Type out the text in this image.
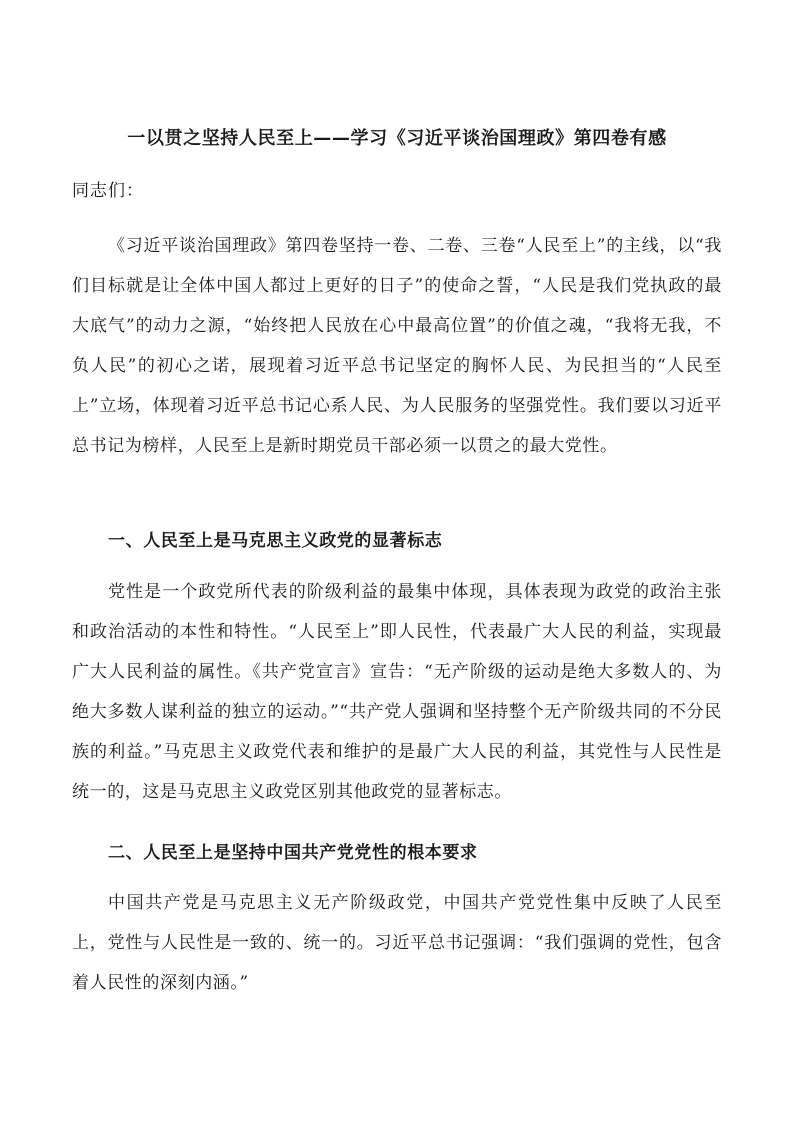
一以贯之坚持人民至上——学习《习近平谈治国理政》第四卷有感
同志们：

《习近平谈治国理政》第四卷坚持一卷、二卷、三卷“人民至上”的主线，以“我们目标就是让全体中国人都过上更好的日子”的使命之誓，“人民是我们党执政的最大底气”的动力之源，“始终把人民放在心中最高位置”的价值之魂，“我将无我，不负人民”的初心之诺，展现着习近平总书记坚定的胸怀人民、为民担当的“人民至上”立场，体现着习近平总书记心系人民、为人民服务的坚强党性。我们要以习近平总书记为榜样，人民至上是新时期党员干部必须一以贯之的最大党性。

一、人民至上是马克思主义政党的显著标志

党性是一个政党所代表的阶级利益的最集中体现，具体表现为政党的政治主张和政治活动的本性和特性。“人民至上”即人民性，代表最广大人民的利益，实现最广大人民利益的属性。《共产党宣言》宣告：“无产阶级的运动是绝大多数人的、为绝大多数人谋利益的独立的运动。”“共产党人强调和坚持整个无产阶级共同的不分民族的利益。”马克思主义政党代表和维护的是最广大人民的利益，其党性与人民性是统一的，这是马克思主义政党区别其他政党的显著标志。

二、人民至上是坚持中国共产党党性的根本要求

中国共产党是马克思主义无产阶级政党，中国共产党党性集中反映了人民至上，党性与人民性是一致的、统一的。习近平总书记强调：“我们强调的党性，包含着人民性的深刻内涵。”
